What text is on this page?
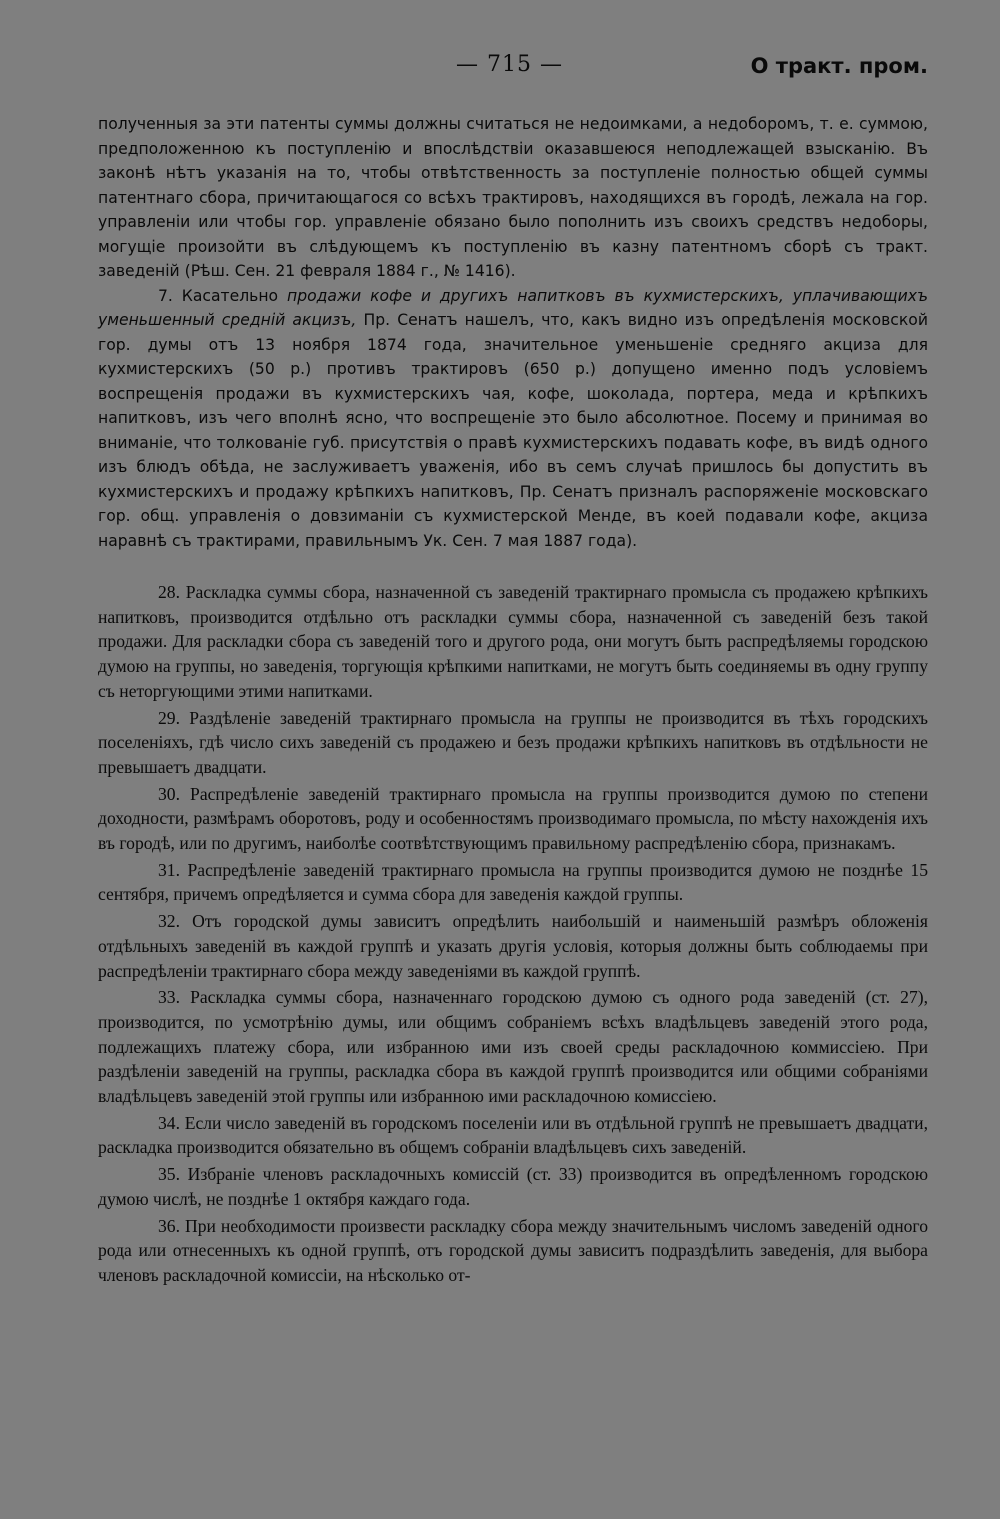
— 715 —	О тракт. пром.

полученныя за эти патенты суммы должны считаться не недоимками, а недоборомъ, т. е. суммою, предположенною къ поступленію и впослѣдствіи оказавшеюся неподлежащей взысканію. Въ законѣ нѣтъ указанія на то, чтобы отвѣтственность за поступленіе полностью общей суммы патентнаго сбора, причитающагося со всѣхъ трактировъ, находящихся въ городѣ, лежала на гор. управленіи или чтобы гор. управленіе обязано было пополнить изъ своихъ средствъ недоборы, могущіе произойти въ слѣдующемъ къ поступленію въ казну патентномъ сборѣ съ тракт. заведеній (Рѣш. Сен. 21 февраля 1884 г., № 1416).

7. Касательно продажи кофе и другихъ напитковъ въ кухмистерскихъ, уплачивающихъ уменьшенный средній акцизъ, Пр. Сенатъ нашелъ, что, какъ видно изъ опредѣленія московской гор. думы отъ 13 ноября 1874 года, значительное уменьшеніе средняго акциза для кухмистерскихъ (50 р.) противъ трактировъ (650 р.) допущено именно подъ условіемъ воспрещенія продажи въ кухмистерскихъ чая, кофе, шоколада, портера, меда и крѣпкихъ напитковъ, изъ чего вполнѣ ясно, что воспрещеніе это было абсолютное. Посему и принимая во вниманіе, что толкованіе губ. присутствія о правѣ кухмистерскихъ подавать кофе, въ видѣ одного изъ блюдъ обѣда, не заслуживаетъ уваженія, ибо въ семъ случаѣ пришлось бы допустить въ кухмистерскихъ и продажу крѣпкихъ напитковъ, Пр. Сенатъ призналъ распоряженіе московскаго гор. общ. управленія о довзиманіи съ кухмистерской Менде, въ коей подавали кофе, акциза наравнѣ съ трактирами, правильнымъ Ук. Сен. 7 мая 1887 года).

28. Раскладка суммы сбора, назначенной съ заведеній трактирнаго промысла съ продажею крѣпкихъ напитковъ, производится отдѣльно отъ раскладки суммы сбора, назначенной съ заведеній безъ такой продажи. Для раскладки сбора съ заведеній того и другого рода, они могутъ быть распредѣляемы городскою думою на группы, но заведенія, торгующія крѣпкими напитками, не могутъ быть соединяемы въ одну группу съ неторгующими этими напитками.

29. Раздѣленіе заведеній трактирнаго промысла на группы не производится въ тѣхъ городскихъ поселеніяхъ, гдѣ число сихъ заведеній съ продажею и безъ продажи крѣпкихъ напитковъ въ отдѣльности не превышаетъ двадцати.

30. Распредѣленіе заведеній трактирнаго промысла на группы производится думою по степени доходности, размѣрамъ оборотовъ, роду и особенностямъ производимаго промысла, по мѣсту нахожденія ихъ въ городѣ, или по другимъ, наиболѣе соотвѣтствующимъ правильному распредѣленію сбора, признакамъ.

31. Распредѣленіе заведеній трактирнаго промысла на группы производится думою не позднѣе 15 сентября, причемъ опредѣляется и сумма сбора для заведенія каждой группы.

32. Отъ городской думы зависитъ опредѣлить наибольшій и наименьшій размѣръ обложенія отдѣльныхъ заведеній въ каждой группѣ и указать другія условія, которыя должны быть соблюдаемы при распредѣленіи трактирнаго сбора между заведеніями въ каждой группѣ.

33. Раскладка суммы сбора, назначеннаго городскою думою съ одного рода заведеній (ст. 27), производится, по усмотрѣнію думы, или общимъ собраніемъ всѣхъ владѣльцевъ заведеній этого рода, подлежащихъ платежу сбора, или избранною ими изъ своей среды раскладочною коммиссіею. При раздѣленіи заведеній на группы, раскладка сбора въ каждой группѣ производится или общими собраніями владѣльцевъ заведеній этой группы или избранною ими раскладочною комиссіею.

34. Если число заведеній въ городскомъ поселеніи или въ отдѣльной группѣ не превышаетъ двадцати, раскладка производится обязательно въ общемъ собраніи владѣльцевъ сихъ заведеній.

35. Избраніе членовъ раскладочныхъ комиссій (ст. 33) производится въ опредѣленномъ городскою думою числѣ, не позднѣе 1 октября каждаго года.

36. При необходимости произвести раскладку сбора между значительнымъ числомъ заведеній одного рода или отнесенныхъ къ одной группѣ, отъ городской думы зависитъ подраздѣлить заведенія, для выбора членовъ раскладочной комиссіи, на нѣсколько от-
